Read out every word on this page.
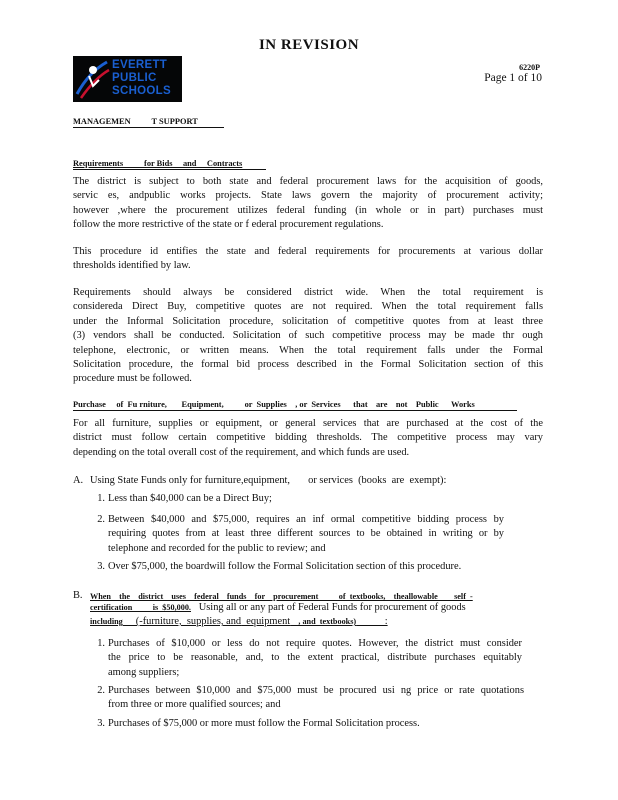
IN REVISION
EVERETT
PUBLIC
SCHOOLS
6220P
Page 1 of 10
MANAGEMEN          T SUPPORT
Requirements          for Bids     and     Contracts
The district is subject to both state and federal procurement laws for the acquisition of goods,
servic es, andpublic works projects. State laws govern the majority of procurement activity;
however ,where the procurement utilizes federal funding (in whole or in part) purchases must
follow the more restrictive of the state or f ederal procurement regulations.
This procedure id entifies the state and federal requirements for procurements at various dollar
thresholds identified by law.
Requirements should always be considered district wide. When the total requirement is
considereda Direct Buy, competitive quotes are not required. When the total requirement falls
under the Informal Solicitation procedure, solicitation of competitive quotes from at least three
(3) vendors shall be conducted. Solicitation of such competitive process may be made thr ough
telephone, electronic, or written means. When the total requirement falls under the Formal
Solicitation procedure, the formal bid process described in the Formal Solicitation section of this
procedure must be followed.
Purchase     of  Fu rniture,       Equipment,          or  Supplies    , or  Services      that    are    not    Public      Works
For all furniture, supplies or equipment, or general services that are purchased at the cost of the
district must follow certain competitive bidding thresholds. The competitive process may vary
depending on the total overall cost of the requirement, and which funds are used.
A. Using State Funds only for furniture,equipment,       or services  (books  are  exempt):
1. Less than $40,000 can be a Direct Buy;
2. Between $40,000 and $75,000, requires an inf ormal competitive bidding process by
requiring quotes from at least three different sources to be obtained in writing or by
telephone and recorded for the public to review; and
3. Over $75,000, the boardwill follow the Formal Solicitation section of this procedure.
B. When    the    district    uses    federal    funds    for    procurement          of  textbooks,    theallowable        self  -
certification          is  $50,000.   Using all or any part of Federal Funds for procurement of goods
including     (-furniture,  supplies, and  equipment    , and  textbooks)           :
1. Purchases of $10,000 or less do not require quotes. However, the district must consider
the price to be reasonable, and, to the extent practical, distribute purchases equitably
among suppliers;
2. Purchases between $10,000 and $75,000 must be procured usi ng price or rate quotations
from three or more qualified sources; and
3. Purchases of $75,000 or more must follow the Formal Solicitation process.
